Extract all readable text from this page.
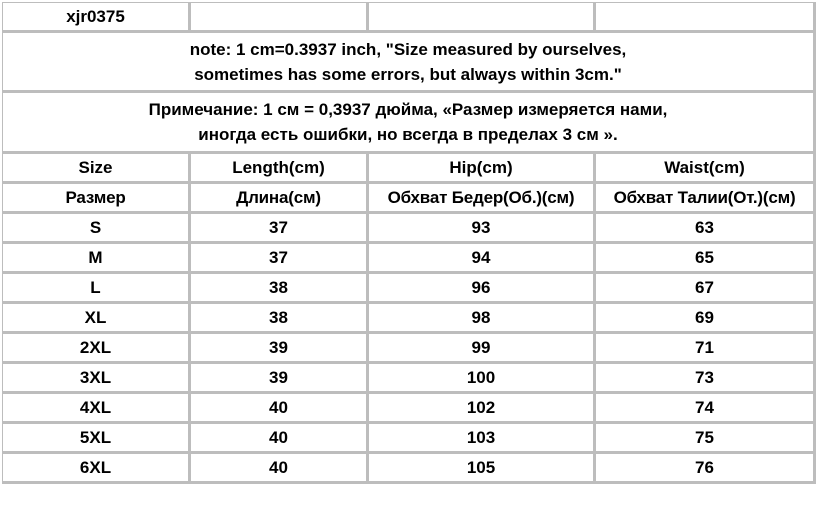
xjr0375			
note: 1 cm=0.3937 inch, "Size measured by ourselves,
sometimes has some errors, but always within 3cm."			
Примечание: 1 см = 0,3937 дюйма, «Размер измеряется нами,
иногда есть ошибки, но всегда в пределах 3 см ».			
Size	Length(cm)	Hip(cm)	Waist(cm)
Размер	Длина(см)	Обхват Бедер(Об.)(см)	Обхват Талии(От.)(см)
S	37	93	63
M	37	94	65
L	38	96	67
XL	38	98	69
2XL	39	99	71
3XL	39	100	73
4XL	40	102	74
5XL	40	103	75
6XL	40	105	76
